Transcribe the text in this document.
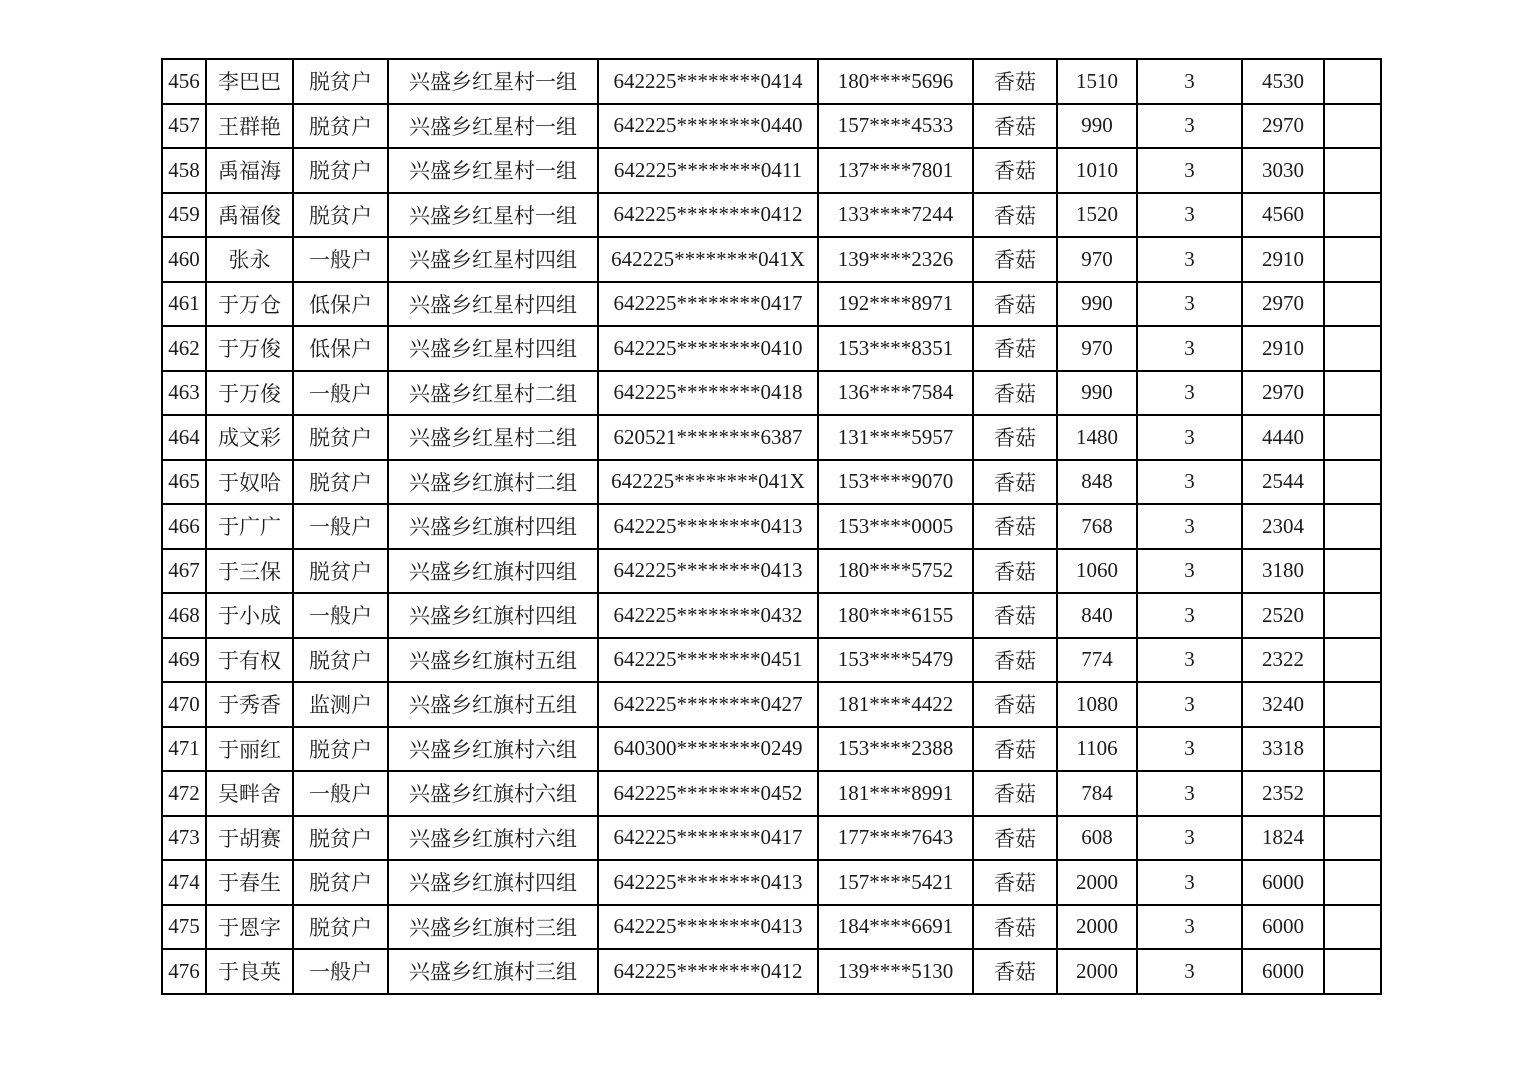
456	李巴巴	脱贫户	兴盛乡红星村一组	642225********0414	180****5696	香菇	1510	3	4530	
457	王群艳	脱贫户	兴盛乡红星村一组	642225********0440	157****4533	香菇	990	3	2970	
458	禹福海	脱贫户	兴盛乡红星村一组	642225********0411	137****7801	香菇	1010	3	3030	
459	禹福俊	脱贫户	兴盛乡红星村一组	642225********0412	133****7244	香菇	1520	3	4560	
460	张永	一般户	兴盛乡红星村四组	642225********041X	139****2326	香菇	970	3	2910	
461	于万仓	低保户	兴盛乡红星村四组	642225********0417	192****8971	香菇	990	3	2970	
462	于万俊	低保户	兴盛乡红星村四组	642225********0410	153****8351	香菇	970	3	2910	
463	于万俊	一般户	兴盛乡红星村二组	642225********0418	136****7584	香菇	990	3	2970	
464	成文彩	脱贫户	兴盛乡红星村二组	620521********6387	131****5957	香菇	1480	3	4440	
465	于奴哈	脱贫户	兴盛乡红旗村二组	642225********041X	153****9070	香菇	848	3	2544	
466	于广广	一般户	兴盛乡红旗村四组	642225********0413	153****0005	香菇	768	3	2304	
467	于三保	脱贫户	兴盛乡红旗村四组	642225********0413	180****5752	香菇	1060	3	3180	
468	于小成	一般户	兴盛乡红旗村四组	642225********0432	180****6155	香菇	840	3	2520	
469	于有权	脱贫户	兴盛乡红旗村五组	642225********0451	153****5479	香菇	774	3	2322	
470	于秀香	监测户	兴盛乡红旗村五组	642225********0427	181****4422	香菇	1080	3	3240	
471	于丽红	脱贫户	兴盛乡红旗村六组	640300********0249	153****2388	香菇	1106	3	3318	
472	吴畔舍	一般户	兴盛乡红旗村六组	642225********0452	181****8991	香菇	784	3	2352	
473	于胡赛	脱贫户	兴盛乡红旗村六组	642225********0417	177****7643	香菇	608	3	1824	
474	于春生	脱贫户	兴盛乡红旗村四组	642225********0413	157****5421	香菇	2000	3	6000	
475	于恩字	脱贫户	兴盛乡红旗村三组	642225********0413	184****6691	香菇	2000	3	6000	
476	于良英	一般户	兴盛乡红旗村三组	642225********0412	139****5130	香菇	2000	3	6000	
